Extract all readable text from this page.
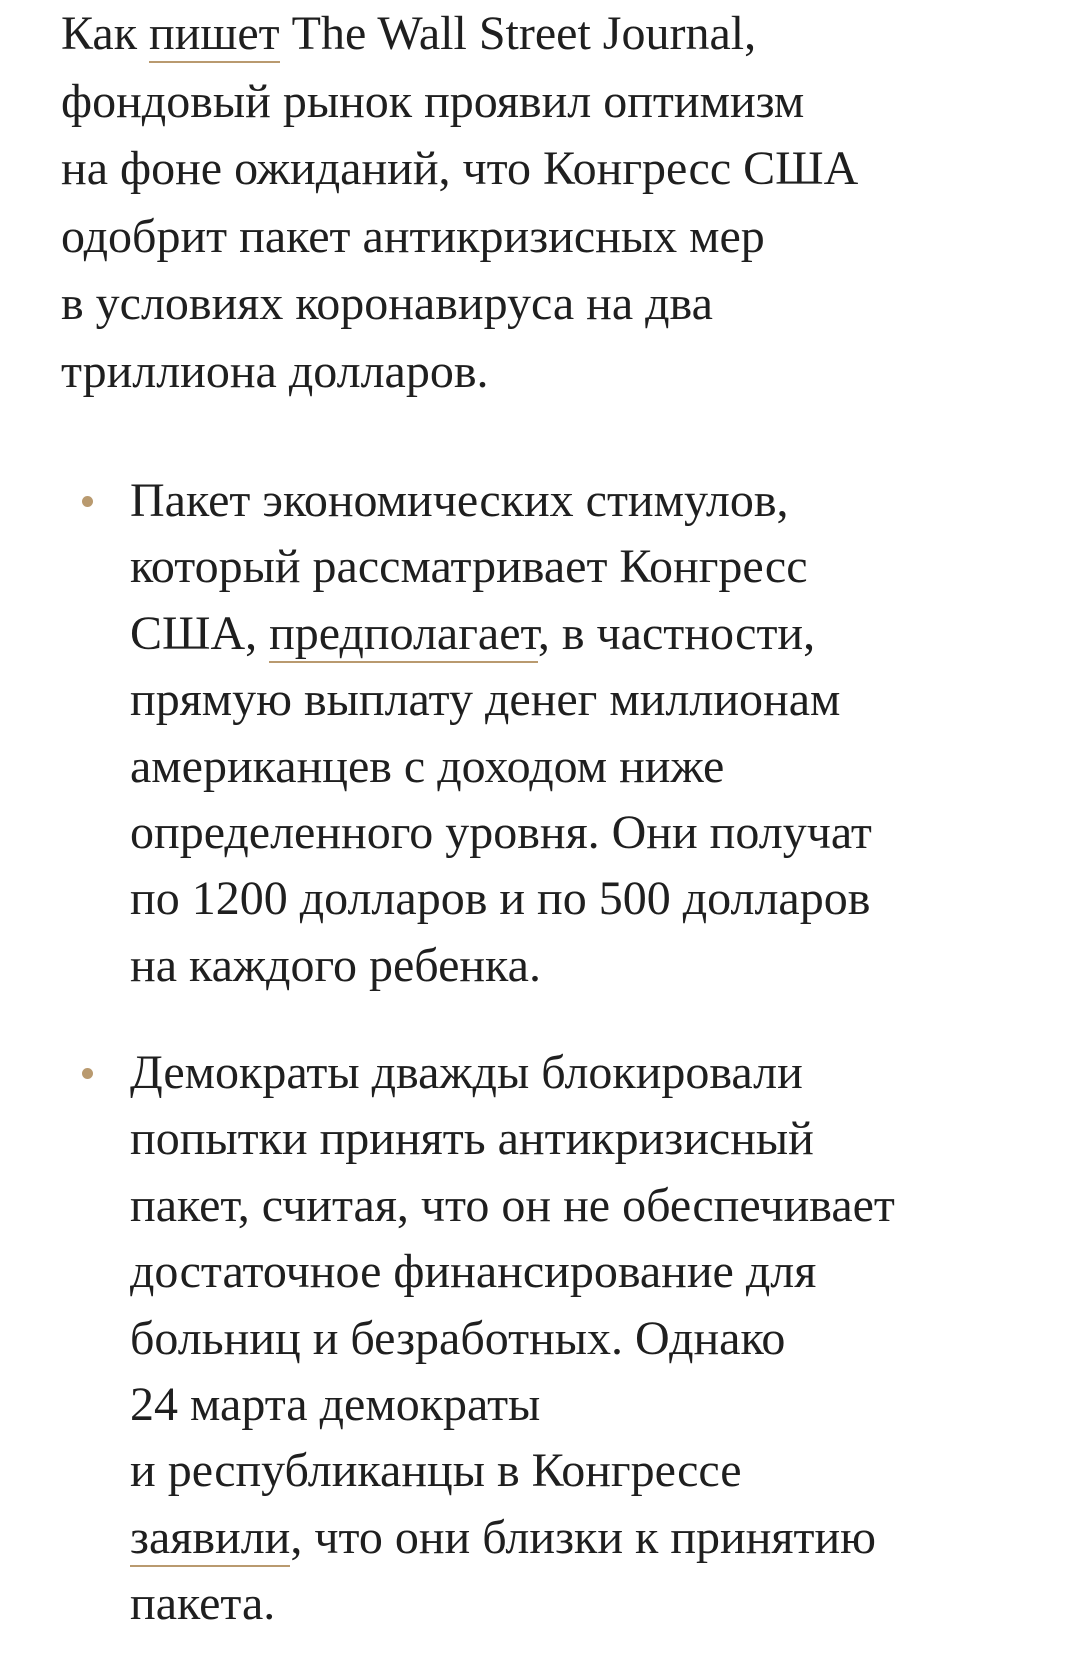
Как пишет The Wall Street Journal,
фондовый рынок проявил оптимизм
на фоне ожиданий, что Конгресс США
одобрит пакет антикризисных мер
в условиях коронавируса на два
триллиона долларов.

Пакет экономических стимулов,
который рассматривает Конгресс
США, предполагает, в частности,
прямую выплату денег миллионам
американцев с доходом ниже
определенного уровня. Они получат
по 1200 долларов и по 500 долларов
на каждого ребенка.
Демократы дважды блокировали
попытки принять антикризисный
пакет, считая, что он не обеспечивает
достаточное финансирование для
больниц и безработных. Однако
24 марта демократы
и республиканцы в Конгрессе
заявили, что они близки к принятию
пакета.
